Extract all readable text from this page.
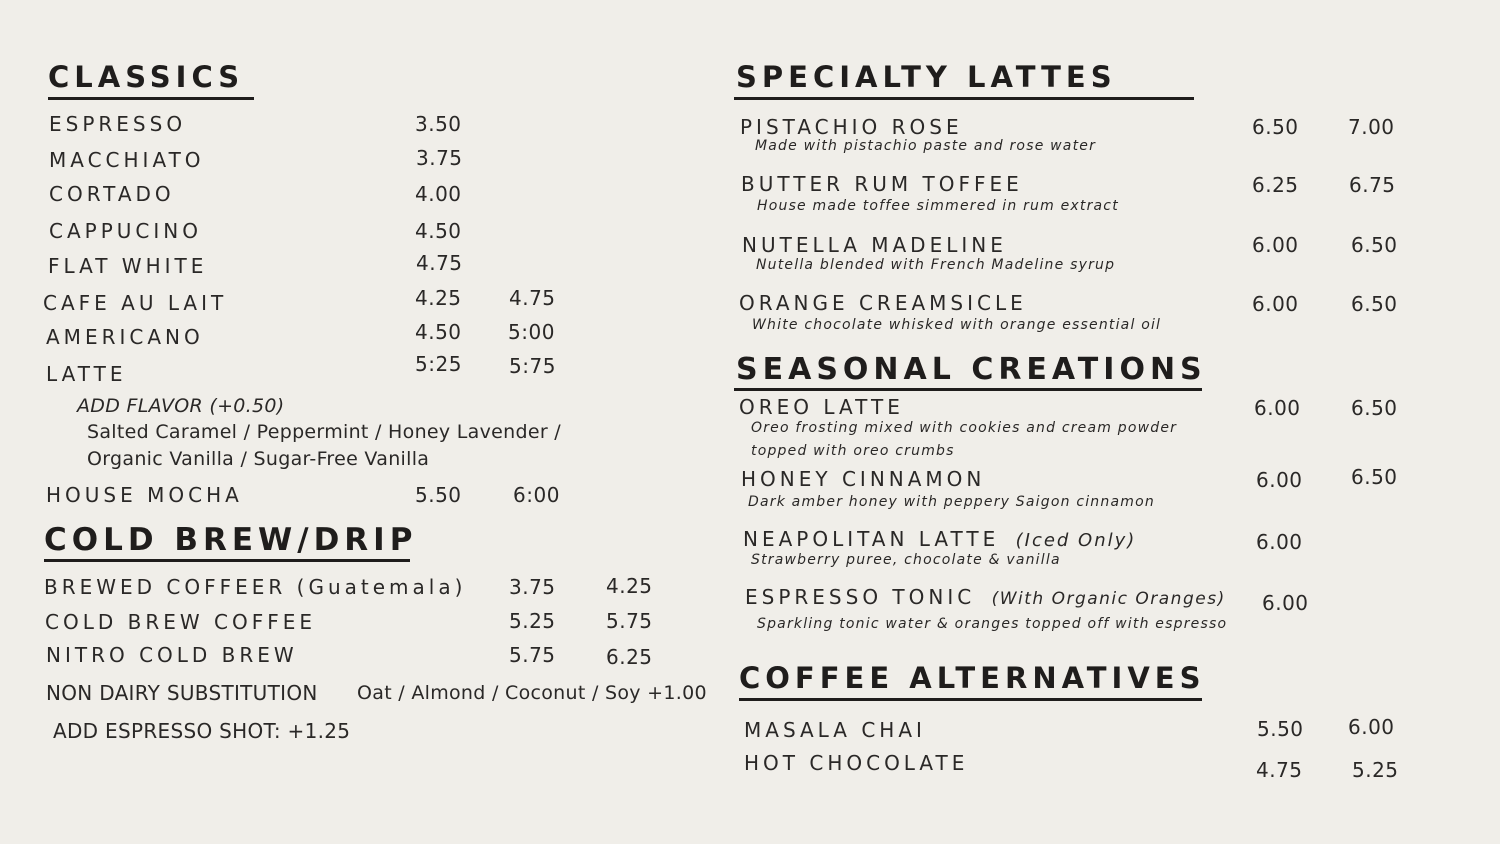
CLASSICS
ESPRESSO	3.50
MACCHIATO	3.75
CORTADO	4.00
CAPPUCINO	4.50
FLAT WHITE	4.75
CAFE AU LAIT	4.25 4.75
AMERICANO	4.50 5:00
LATTE	5:25 5:75
ADD FLAVOR (+0.50)
Salted Caramel / Peppermint / Honey Lavender /
Organic Vanilla / Sugar-Free Vanilla
HOUSE MOCHA	5.50	6:00
COLD BREW/DRIP
BREWED COFFEER (Guatemala) 3.75	4.25
COLD BREW COFFEE	5.25	5.75
NITRO COLD BREW	5.75	6.25
NON DAIRY SUBSTITUTION Oat / Almond / Coconut / Soy +1.00
ADD ESPRESSO SHOT: +1.25
SPECIALTY LATTES
PISTACHIO ROSE
Made with pistachio paste and rose water
6.50 7.00
BUTTER RUM TOFFEE
House made toffee simmered in rum extract
6.25	6.75
NUTELLA MADELINE
Nutella blended with French Madeline syrup
6.00	6.50
ORANGE CREAMSICLE
White chocolate whisked with orange essential oil
6.00	6.50
SEASONAL CREATIONS
OREO LATTE
Oreo frosting mixed with cookies and cream powder
topped with oreo crumbs
6.00	6.50
HONEY CINNAMON
Dark amber honey with peppery Saigon cinnamon
6.00 6.50
NEAPOLITAN LATTE (Iced Only)
Strawberry puree, chocolate & vanilla
6.00
ESPRESSO TONIC (With Organic Oranges)
Sparkling tonic water & oranges topped off with espresso
6.00
COFFEE ALTERNATIVES
MASALA CHAI	5.50 6.00
HOT CHOCOLATE	4.75 5.25
